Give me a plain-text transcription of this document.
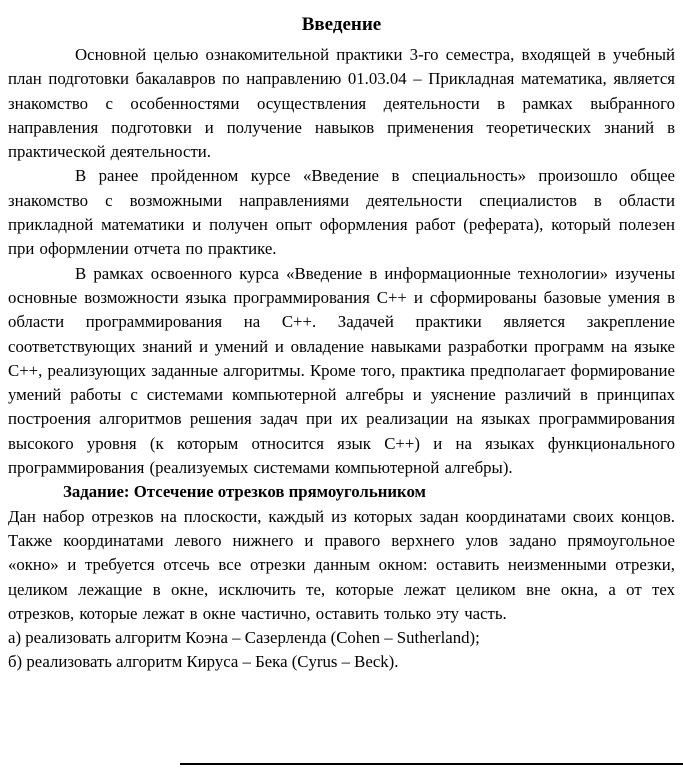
Введение

Основной целью ознакомительной практики 3-го семестра, входящей в учебный план подготовки бакалавров по направлению 01.03.04 – Прикладная математика, является знакомство с особенностями осуществления деятельности в рамках выбранного направления подготовки и получение навыков применения теоретических знаний в практической деятельности.

В ранее пройденном курсе «Введение в специальность» произошло общее знакомство с возможными направлениями деятельности специалистов в области прикладной математики и получен опыт оформления работ (реферата), который полезен при оформлении отчета по практике.

В рамках освоенного курса «Введение в информационные технологии» изучены основные возможности языка программирования C++ и сформированы базовые умения в области программирования на C++. Задачей практики является закрепление соответствующих знаний и умений и овладение навыками разработки программ на языке C++, реализующих заданные алгоритмы. Кроме того, практика предполагает формирование умений работы с системами компьютерной алгебры и уяснение различий в принципах построения алгоритмов решения задач при их реализации на языках программирования высокого уровня (к которым относится язык C++) и на языках функционального программирования (реализуемых системами компьютерной алгебры).

Задание: Отсечение отрезков прямоугольником

Дан набор отрезков на плоскости, каждый из которых задан координатами своих концов. Также координатами левого нижнего и правого верхнего улов задано прямоугольное «окно» и требуется отсечь все отрезки данным окном: оставить неизменными отрезки, целиком лежащие в окне, исключить те, которые лежат целиком вне окна, а от тех отрезков, которые лежат в окне частично, оставить только эту часть.

а) реализовать алгоритм Коэна – Сазерленда (Cohen – Sutherland);

б) реализовать алгоритм Кируса – Бека (Cyrus – Beck).
